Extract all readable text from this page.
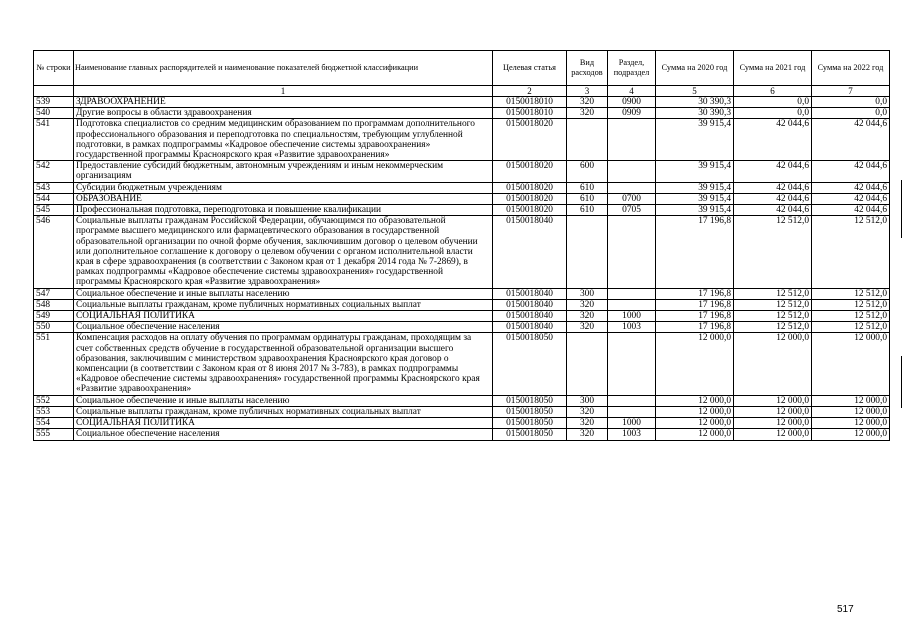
№ строки	Наименование главных распорядителей и наименование показателей бюджетной классификации	Целевая статья	Вид расходов	Раздел, подраздел	Сумма на 2020 год	Сумма на 2021 год	Сумма на 2022 год
	1	2	3	4	5	6	7
539	ЗДРАВООХРАНЕНИЕ	0150018010	320	0900	30 390,3	0,0	0,0
540	Другие вопросы в области здравоохранения	0150018010	320	0909	30 390,3	0,0	0,0
541	Подготовка специалистов со средним медицинским образованием по программам дополнительного профессионального образования и переподготовка по специальностям, требующим углубленной подготовки, в рамках подпрограммы «Кадровое обеспечение системы здравоохранения» государственной программы Красноярского края «Развитие здравоохранения»	0150018020			39 915,4	42 044,6	42 044,6
542	Предоставление субсидий бюджетным, автономным учреждениям и иным некоммерческим организациям	0150018020	600		39 915,4	42 044,6	42 044,6
543	Субсидии бюджетным учреждениям	0150018020	610		39 915,4	42 044,6	42 044,6
544	ОБРАЗОВАНИЕ	0150018020	610	0700	39 915,4	42 044,6	42 044,6
545	Профессиональная подготовка, переподготовка и повышение квалификации	0150018020	610	0705	39 915,4	42 044,6	42 044,6
546	Социальные выплаты гражданам Российской Федерации, обучающимся по образовательной программе высшего медицинского или фармацевтического образования в государственной образовательной организации по очной форме обучения, заключившим договор о целевом обучении или дополнительное соглашение к договору о целевом обучении с органом исполнительной власти края в сфере здравоохранения (в соответствии с Законом края от 1 декабря 2014 года № 7-2869), в рамках подпрограммы «Кадровое обеспечение системы здравоохранения» государственной программы Красноярского края «Развитие здравоохранения»	0150018040			17 196,8	12 512,0	12 512,0
547	Социальное обеспечение и иные выплаты населению	0150018040	300		17 196,8	12 512,0	12 512,0
548	Социальные выплаты гражданам, кроме публичных нормативных социальных выплат	0150018040	320		17 196,8	12 512,0	12 512,0
549	СОЦИАЛЬНАЯ ПОЛИТИКА	0150018040	320	1000	17 196,8	12 512,0	12 512,0
550	Социальное обеспечение населения	0150018040	320	1003	17 196,8	12 512,0	12 512,0
551	Компенсация расходов на оплату обучения по программам ординатуры гражданам, проходящим за счет собственных средств обучение в государственной образовательной организации высшего образования, заключившим с министерством здравоохранения Красноярского края договор о компенсации (в соответствии с Законом края от 8 июня 2017 № 3-783), в рамках подпрограммы «Кадровое обеспечение системы здравоохранения» государственной программы Красноярского края «Развитие здравоохранения»	0150018050			12 000,0	12 000,0	12 000,0
552	Социальное обеспечение и иные выплаты населению	0150018050	300		12 000,0	12 000,0	12 000,0
553	Социальные выплаты гражданам, кроме публичных нормативных социальных выплат	0150018050	320		12 000,0	12 000,0	12 000,0
554	СОЦИАЛЬНАЯ ПОЛИТИКА	0150018050	320	1000	12 000,0	12 000,0	12 000,0
555	Социальное обеспечение населения	0150018050	320	1003	12 000,0	12 000,0	12 000,0
517
